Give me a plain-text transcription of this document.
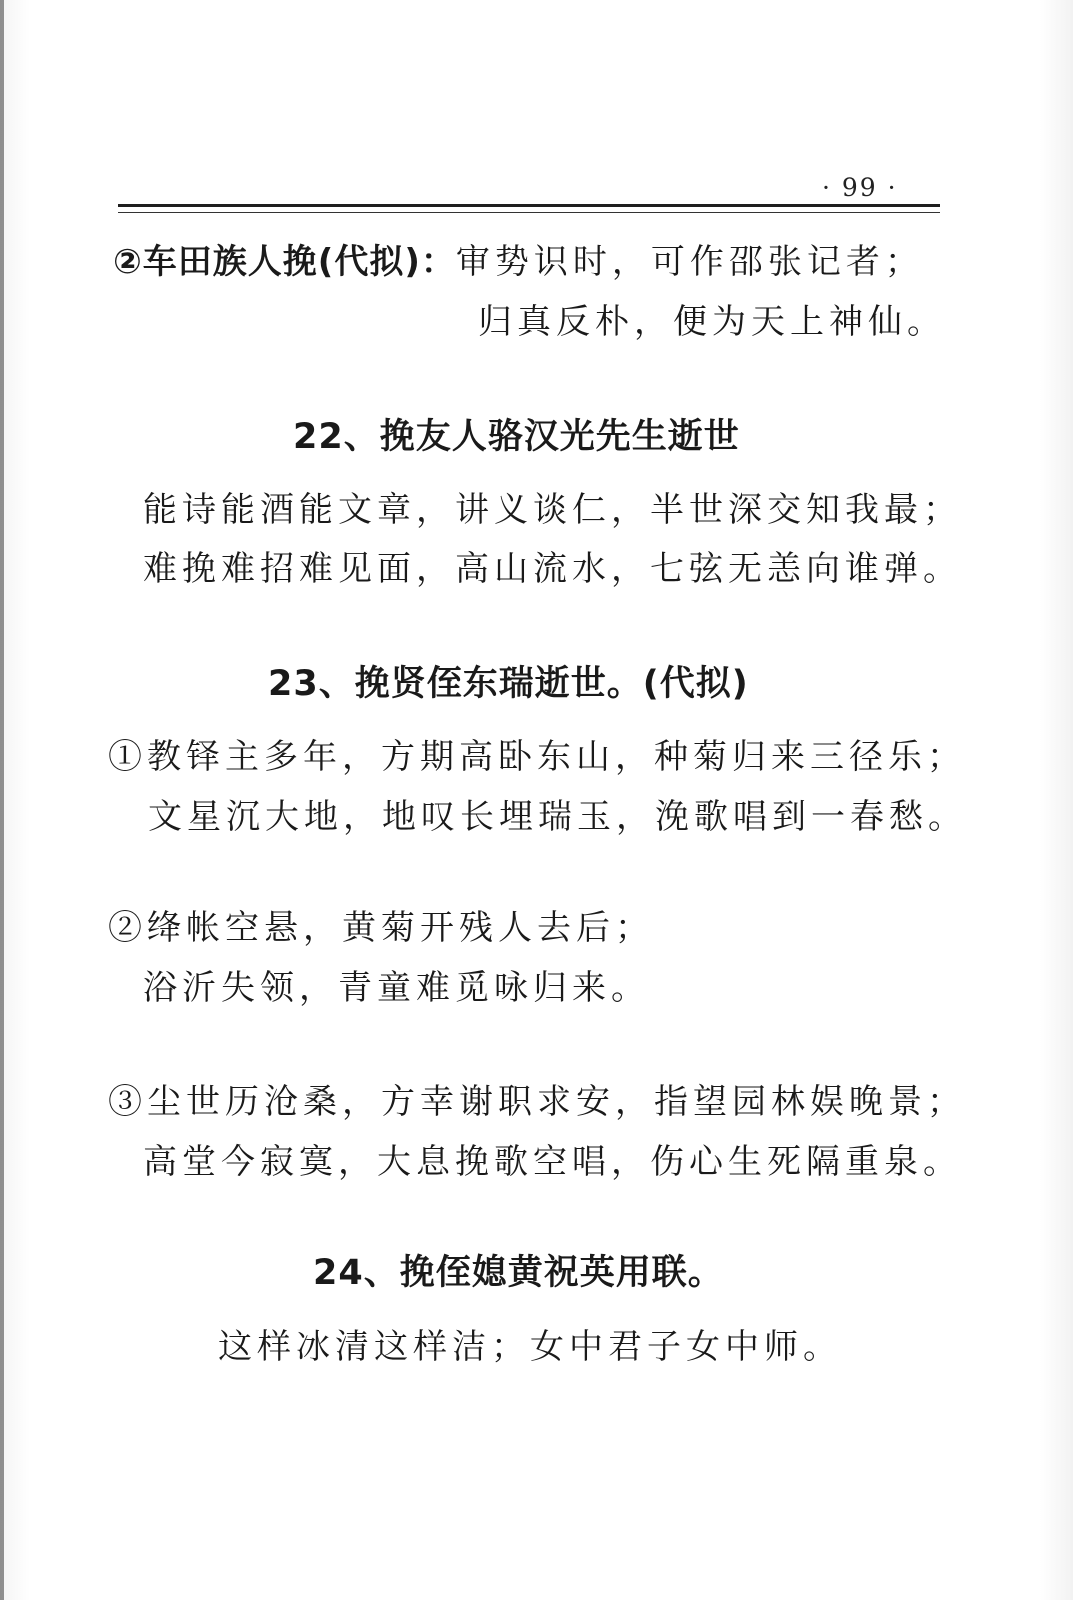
· 99 ·
②车田族人挽(代拟)：审势识时，可作邵张记者；
归真反朴，便为天上神仙。
22、挽友人骆汉光先生逝世
能诗能酒能文章，讲义谈仁，半世深交知我最；
难挽难招难见面，高山流水，七弦无恙向谁弹。
23、挽贤侄东瑞逝世。(代拟)
①教铎主多年，方期高卧东山，种菊归来三径乐；
文星沉大地，地叹长埋瑞玉，浼歌唱到一春愁。
②绛帐空悬，黄菊开残人去后；
浴沂失领，青童难觅咏归来。
③尘世历沧桑，方幸谢职求安，指望园林娱晚景；
高堂今寂寞，大息挽歌空唱，伤心生死隔重泉。
24、挽侄媳黄祝英用联。
这样冰清这样洁；女中君子女中师。
